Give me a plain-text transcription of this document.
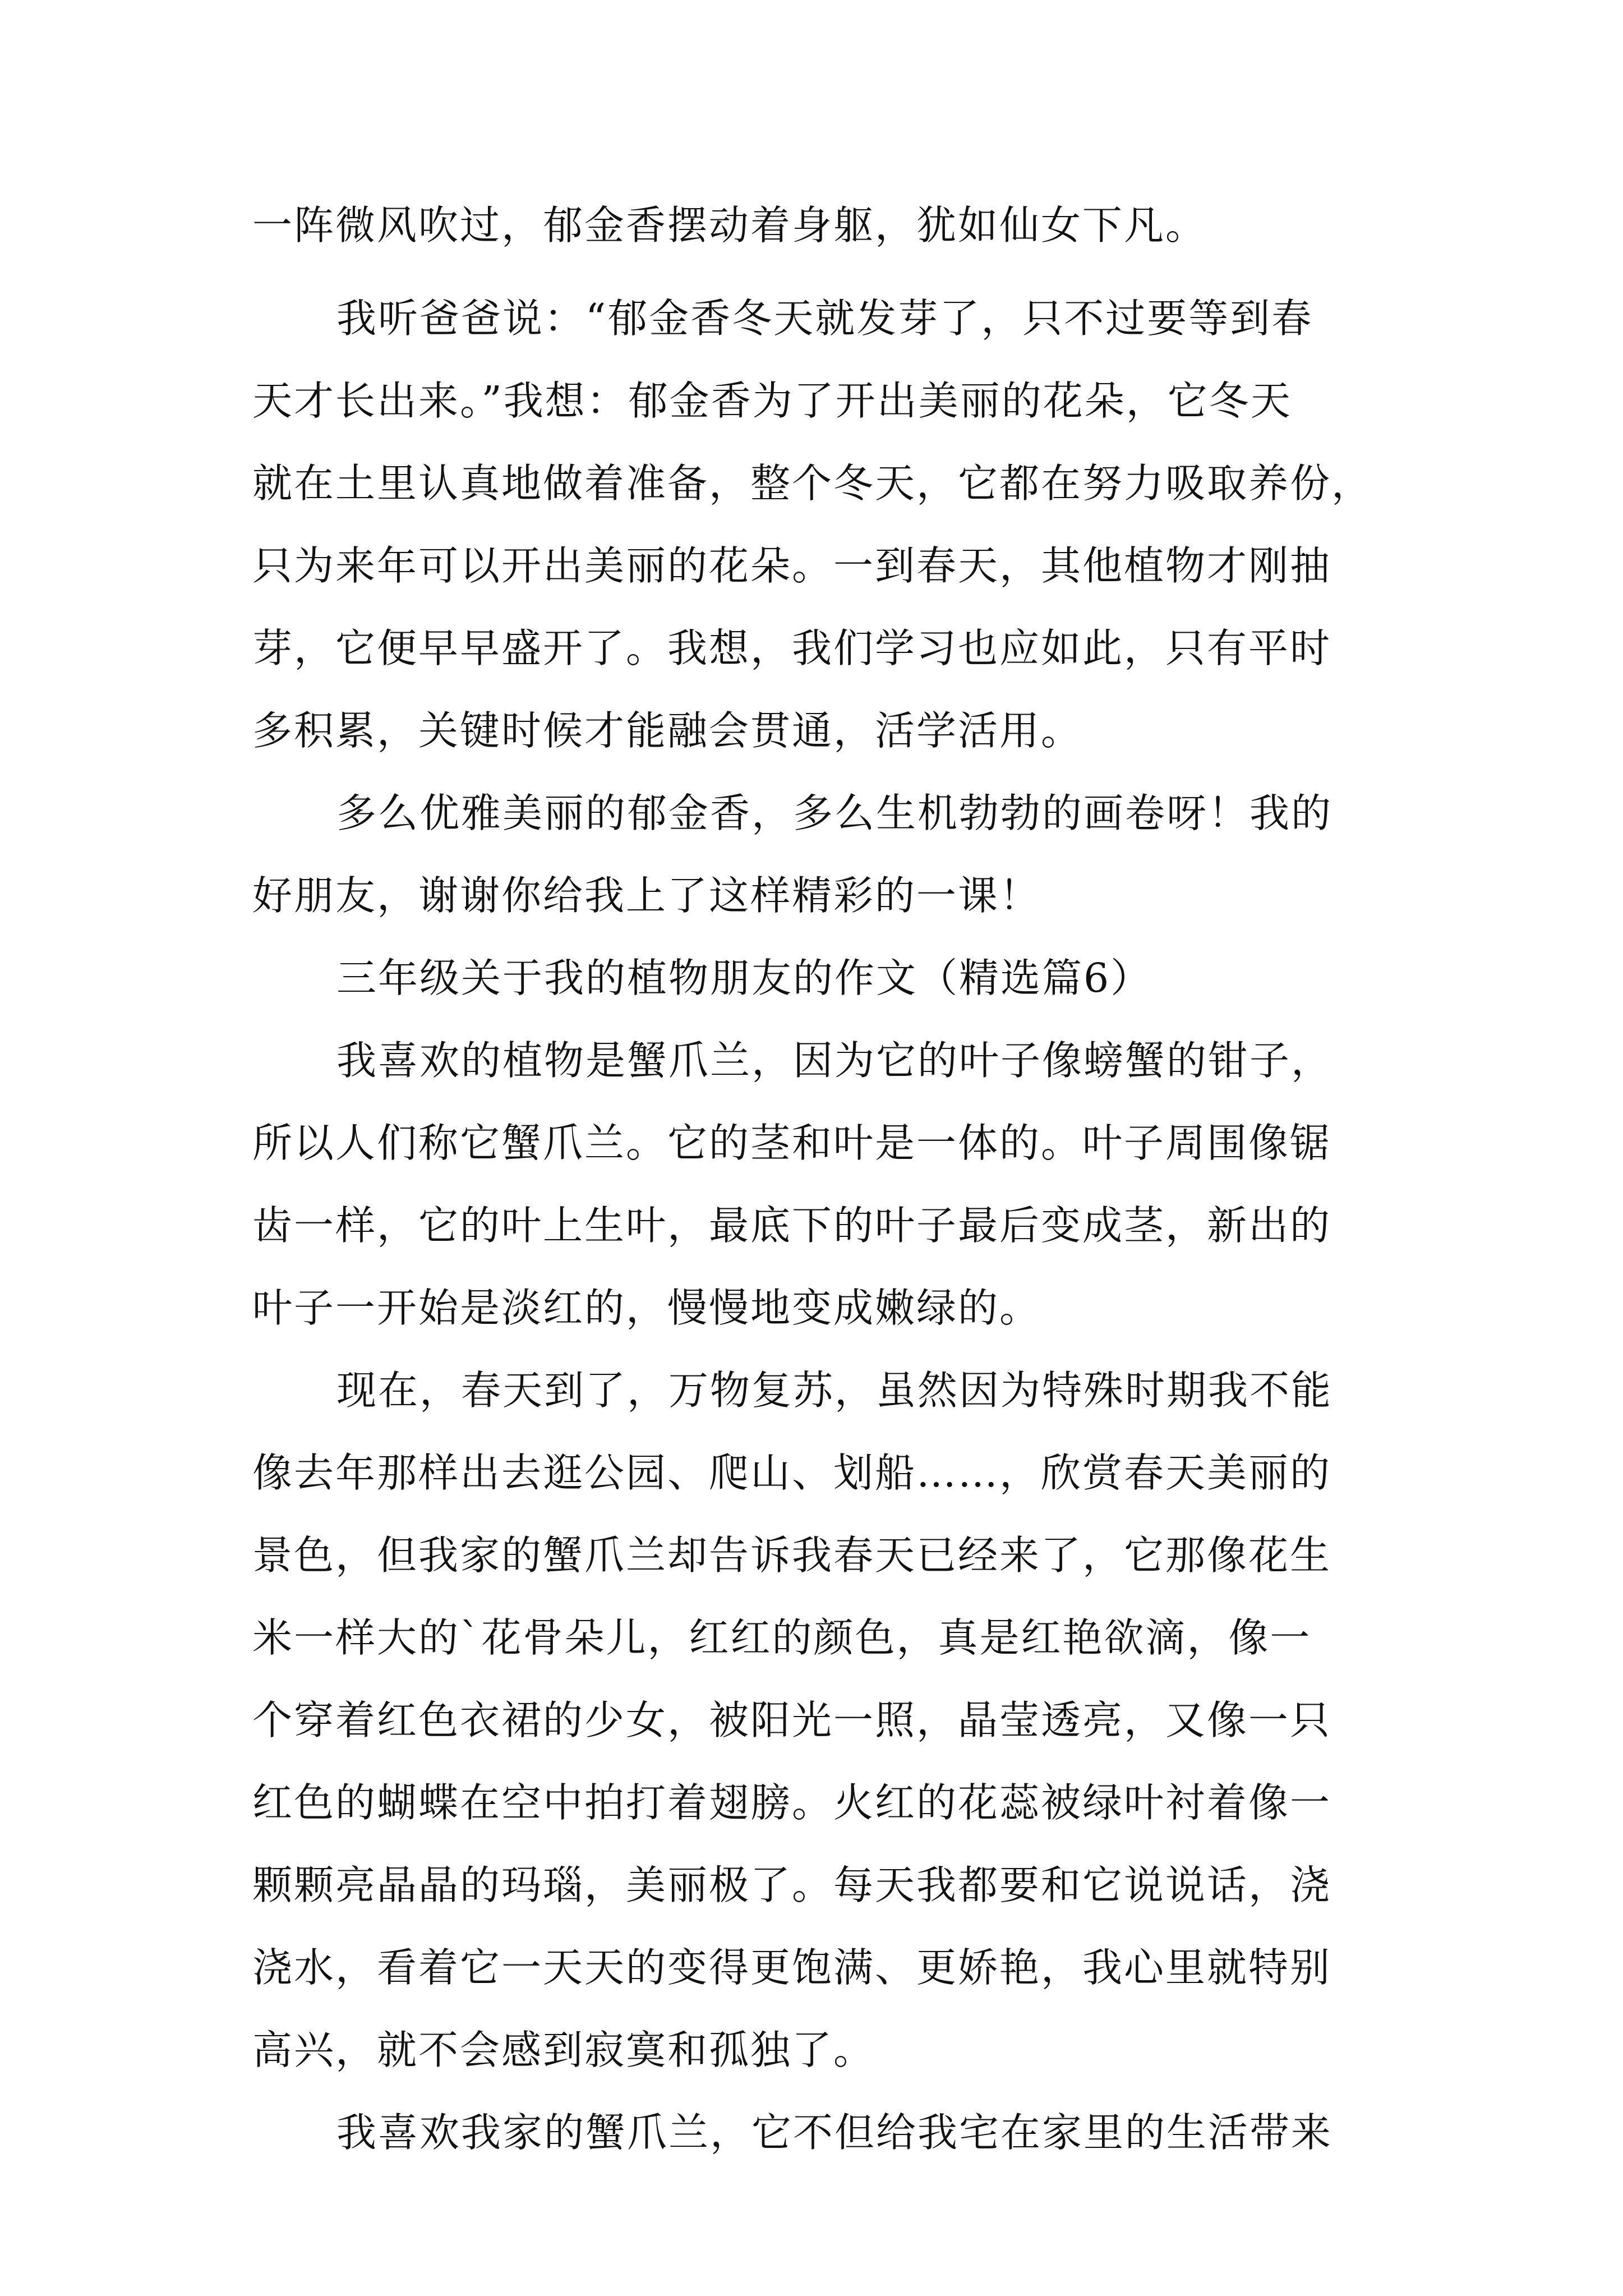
一阵微风吹过，郁金香摆动着身躯，犹如仙女下凡。

我听爸爸说：“郁金香冬天就发芽了，只不过要等到春

天才长出来。”我想：郁金香为了开出美丽的花朵，它冬天

就在土里认真地做着准备，整个冬天，它都在努力吸取养份，

只为来年可以开出美丽的花朵。一到春天，其他植物才刚抽

芽，它便早早盛开了。我想，我们学习也应如此，只有平时

多积累，关键时候才能融会贯通，活学活用。

多么优雅美丽的郁金香，多么生机勃勃的画卷呀！我的

好朋友，谢谢你给我上了这样精彩的一课！

三年级关于我的植物朋友的作文（精选篇6）

我喜欢的植物是蟹爪兰，因为它的叶子像螃蟹的钳子，

所以人们称它蟹爪兰。它的茎和叶是一体的。叶子周围像锯

齿一样，它的叶上生叶，最底下的叶子最后变成茎，新出的

叶子一开始是淡红的，慢慢地变成嫩绿的。

现在，春天到了，万物复苏，虽然因为特殊时期我不能

像去年那样出去逛公园、爬山、划船……，欣赏春天美丽的

景色，但我家的蟹爪兰却告诉我春天已经来了，它那像花生

米一样大的`花骨朵儿，红红的颜色，真是红艳欲滴，像一

个穿着红色衣裙的少女，被阳光一照，晶莹透亮，又像一只

红色的蝴蝶在空中拍打着翅膀。火红的花蕊被绿叶衬着像一

颗颗亮晶晶的玛瑙，美丽极了。每天我都要和它说说话，浇

浇水，看着它一天天的变得更饱满、更娇艳，我心里就特别

高兴，就不会感到寂寞和孤独了。

我喜欢我家的蟹爪兰，它不但给我宅在家里的生活带来
